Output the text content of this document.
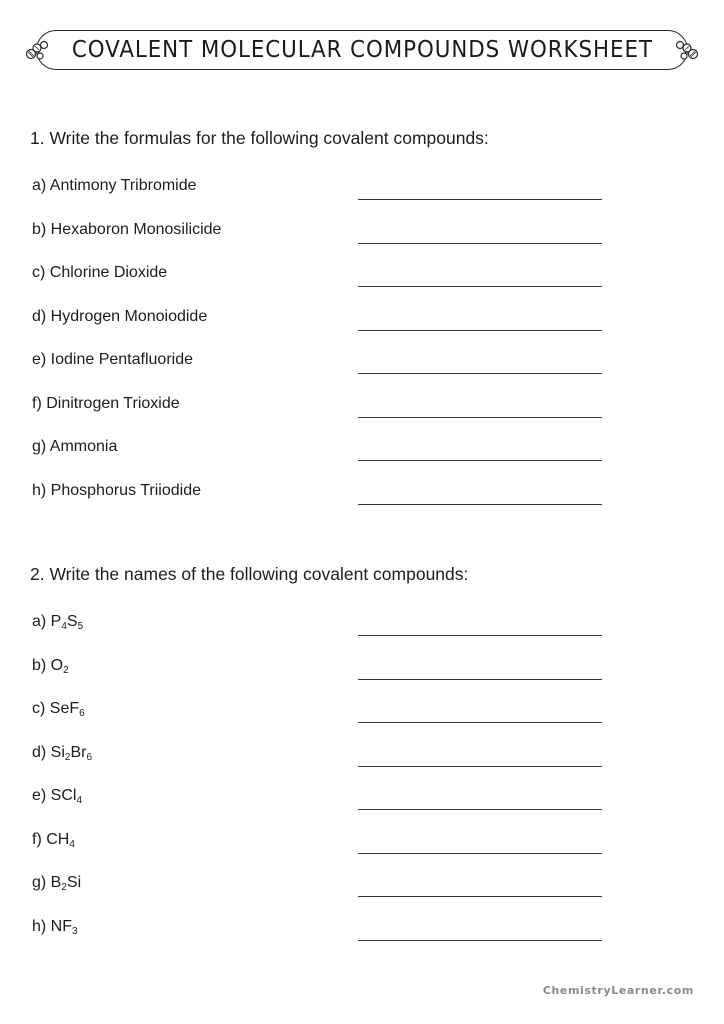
COVALENT MOLECULAR COMPOUNDS WORKSHEET
1. Write the formulas for the following covalent compounds:
a) Antimony Tribromide
b) Hexaboron Monosilicide
c) Chlorine Dioxide
d) Hydrogen Monoiodide
e) Iodine Pentafluoride
f) Dinitrogen Trioxide
g) Ammonia
h) Phosphorus Triiodide
2. Write the names of the following covalent compounds:
a) $P_4S_5$
b) $O_2$
c) SeF$_6$
d) $Si_2Br_6$
e) SCl$_4$
f) $CH_4$
g) $B_2Si$
h) $NF_3$
ChemistryLearner.com
